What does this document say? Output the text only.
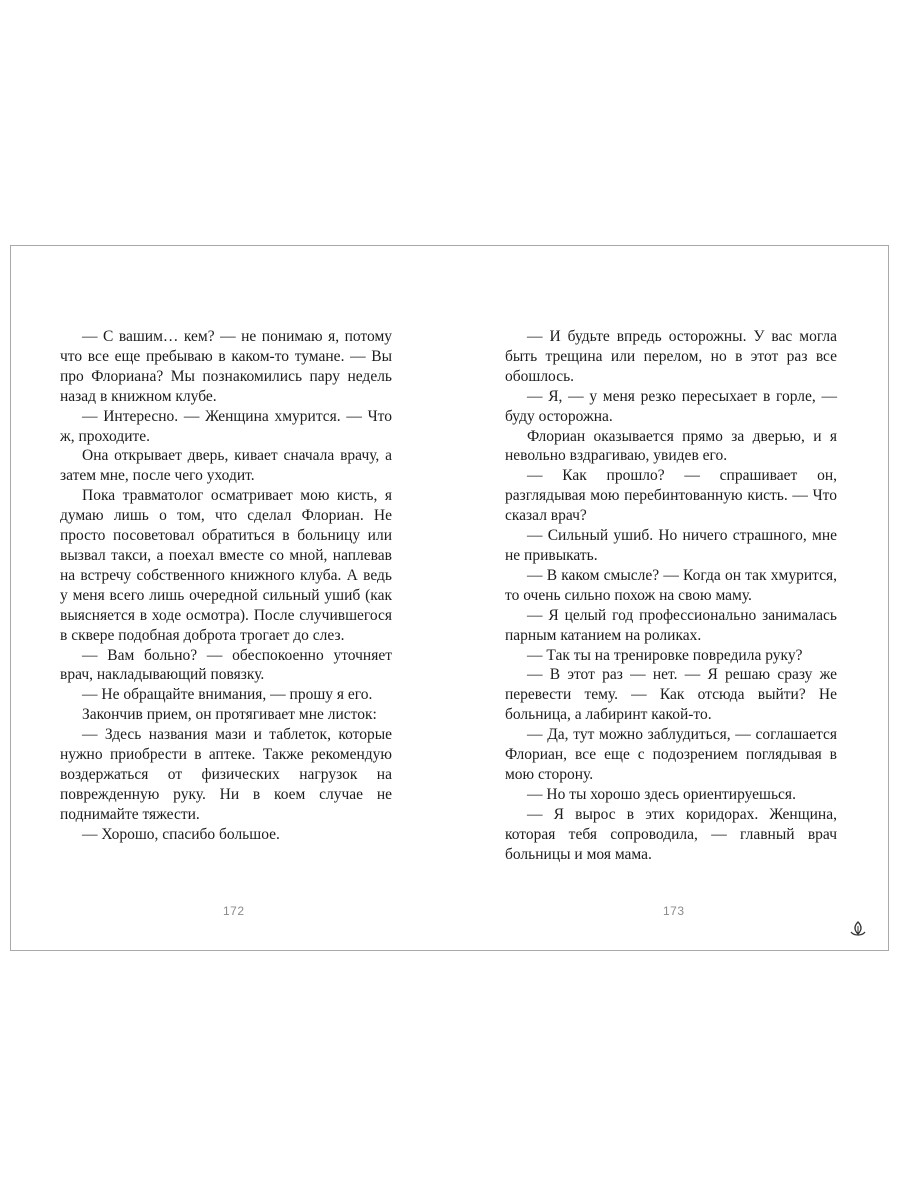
— С вашим… кем? — не понимаю я, потому что все еще пребываю в каком-то тумане. — Вы про Флориана? Мы познакомились пару недель назад в книжном клубе.

— Интересно. — Женщина хмурится. — Что ж, проходите.

Она открывает дверь, кивает сначала врачу, а затем мне, после чего уходит.

Пока травматолог осматривает мою кисть, я думаю лишь о том, что сделал Флориан. Не просто посоветовал обратиться в больницу или вызвал такси, а поехал вместе со мной, наплевав на встречу собственного книжного клуба. А ведь у меня всего лишь очередной сильный ушиб (как выясняется в ходе осмотра). После случившегося в сквере подобная доброта трогает до слез.

— Вам больно? — обеспокоенно уточняет врач, накладывающий повязку.

— Не обращайте внимания, — прошу я его.

Закончив прием, он протягивает мне листок:

— Здесь названия мази и таблеток, которые нужно приобрести в аптеке. Также рекомендую воздержаться от физических нагрузок на поврежденную руку. Ни в коем случае не поднимайте тяжести.

— Хорошо, спасибо большое.

— И будьте впредь осторожны. У вас могла быть трещина или перелом, но в этот раз все обошлось.

— Я, — у меня резко пересыхает в горле, — буду осторожна.

Флориан оказывается прямо за дверью, и я невольно вздрагиваю, увидев его.

— Как прошло? — спрашивает он, разглядывая мою перебинтованную кисть. — Что сказал врач?

— Сильный ушиб. Но ничего страшного, мне не привыкать.

— В каком смысле? — Когда он так хмурится, то очень сильно похож на свою маму.

— Я целый год профессионально занималась парным катанием на роликах.

— Так ты на тренировке повредила руку?

— В этот раз — нет. — Я решаю сразу же перевести тему. — Как отсюда выйти? Не больница, а лабиринт какой-то.

— Да, тут можно заблудиться, — соглашается Флориан, все еще с подозрением поглядывая в мою сторону.

— Но ты хорошо здесь ориентируешься.

— Я вырос в этих коридорах. Женщина, которая тебя сопроводила, — главный врач больницы и моя мама.

172	173
